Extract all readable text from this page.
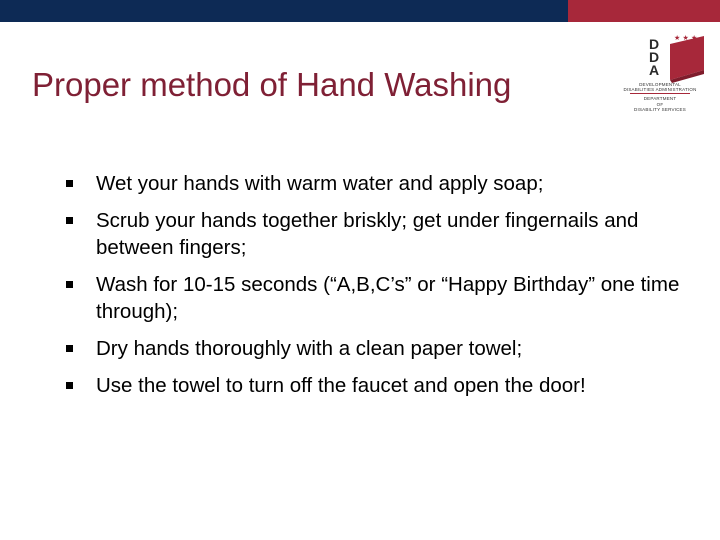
Proper method of Hand Washing
★ ★ ★
D
D
A
DEVELOPMENTAL
DISABILITIES ADMINISTRATION
DEPARTMENT
OF
DISABILITY SERVICES
Wet your hands with warm water and apply soap;
Scrub your hands together briskly; get under fingernails and between fingers;
Wash for 10-15 seconds (“A,B,C’s” or “Happy Birthday” one time through);
Dry hands thoroughly with a clean paper towel;
Use the towel to turn off the faucet and open the door!
